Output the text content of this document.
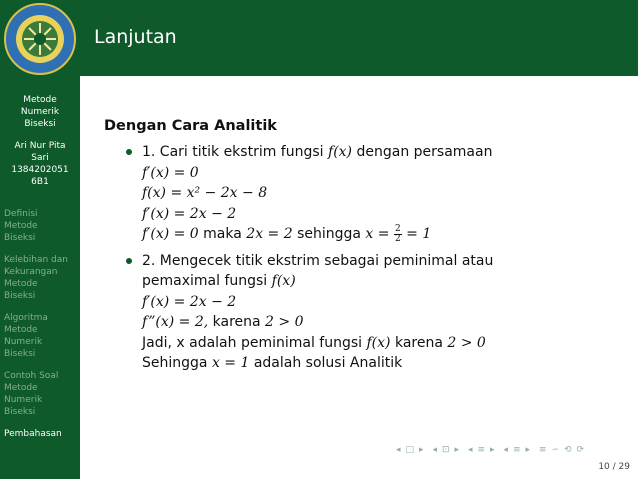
Metode
Numerik
Biseksi
Ari Nur Pita
Sari
1384202051
6B1
Definisi
Metode
Biseksi
Kelebihan dan
Kekurangan
Metode
Biseksi
Algoritma
Metode
Numerik
Biseksi
Contoh Soal
Metode
Numerik
Biseksi
Pembahasan
Lanjutan
Dengan Cara Analitik
1. Cari titik ekstrim fungsi f(x) dengan persamaan
f′(x) = 0
f(x) = x² − 2x − 8
f′(x) = 2x − 2
f′(x) = 0 maka 2x = 2 sehingga $x = \frac{2}{2} = 1$
2. Mengecek titik ekstrim sebagai peminimal atau
pemaximal fungsi f(x)
f′(x) = 2x − 2
f”(x) = 2, karena 2 > 0
Jadi, x adalah peminimal fungsi f(x) karena 2 > 0
Sehingga x = 1 adalah solusi Analitik
◂ □ ▸ ◂ ⊡ ▸ ◂ ≡ ▸ ◂ ≡ ▸ ≡ ∽ ⟲ ⟳
10 / 29
